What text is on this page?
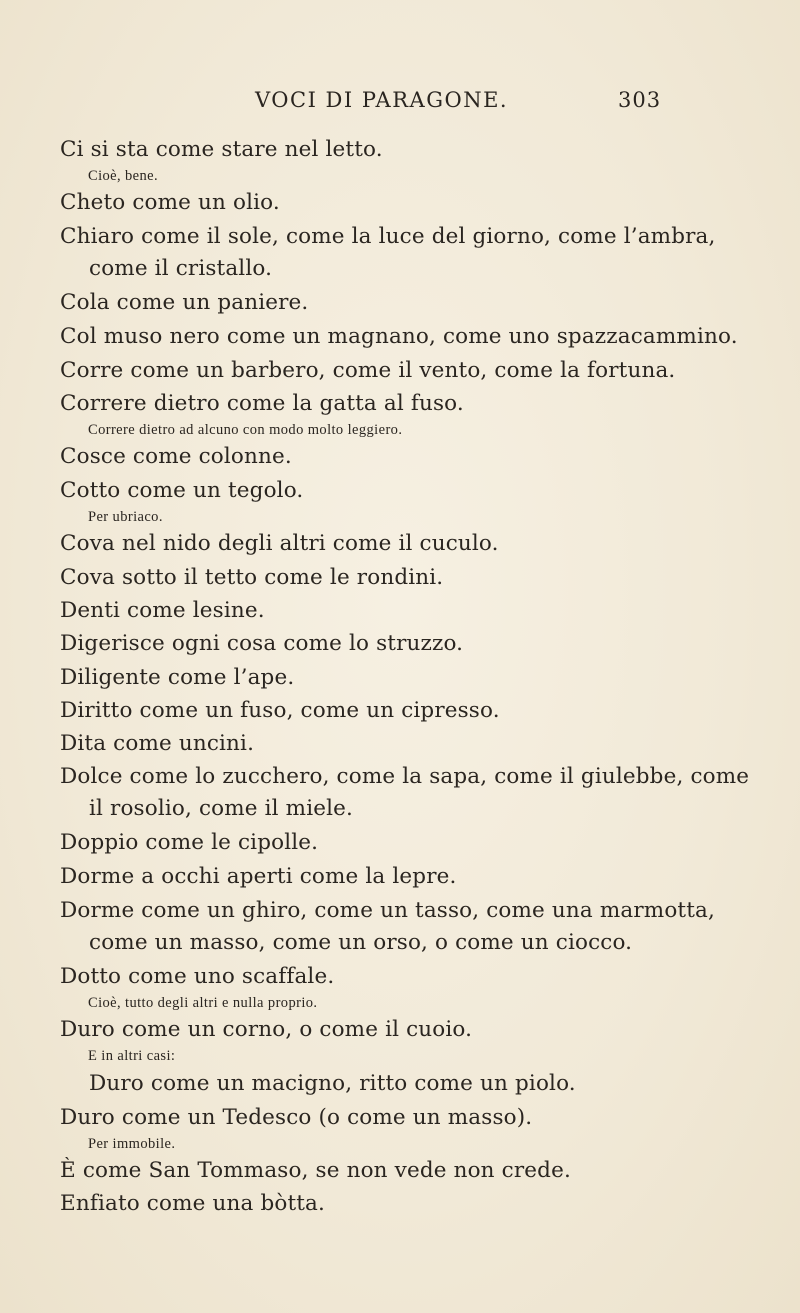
VOCI DI PARAGONE.	303
Ci si sta come stare nel letto.
Cioè, bene.
Cheto come un olio.
Chiaro come il sole, come la luce del giorno, come l’ambra,
come il cristallo.
Cola come un paniere.
Col muso nero come un magnano, come uno spazzacammino.
Corre come un barbero, come il vento, come la fortuna.
Correre dietro come la gatta al fuso.
Correre dietro ad alcuno con modo molto leggiero.
Cosce come colonne.
Cotto come un tegolo.
Per ubriaco.
Cova nel nido degli altri come il cuculo.
Cova sotto il tetto come le rondini.
Denti come lesine.
Digerisce ogni cosa come lo struzzo.
Diligente come l’ape.
Diritto come un fuso, come un cipresso.
Dita come uncini.
Dolce come lo zucchero, come la sapa, come il giulebbe, come
il rosolio, come il miele.
Doppio come le cipolle.
Dorme a occhi aperti come la lepre.
Dorme come un ghiro, come un tasso, come una marmotta,
come un masso, come un orso, o come un ciocco.
Dotto come uno scaffale.
Cioè, tutto degli altri e nulla proprio.
Duro come un corno, o come il cuoio.
E in altri casi:
Duro come un macigno, ritto come un piolo.
Duro come un Tedesco (o come un masso).
Per immobile.
È come San Tommaso, se non vede non crede.
Enfiato come una bòtta.
